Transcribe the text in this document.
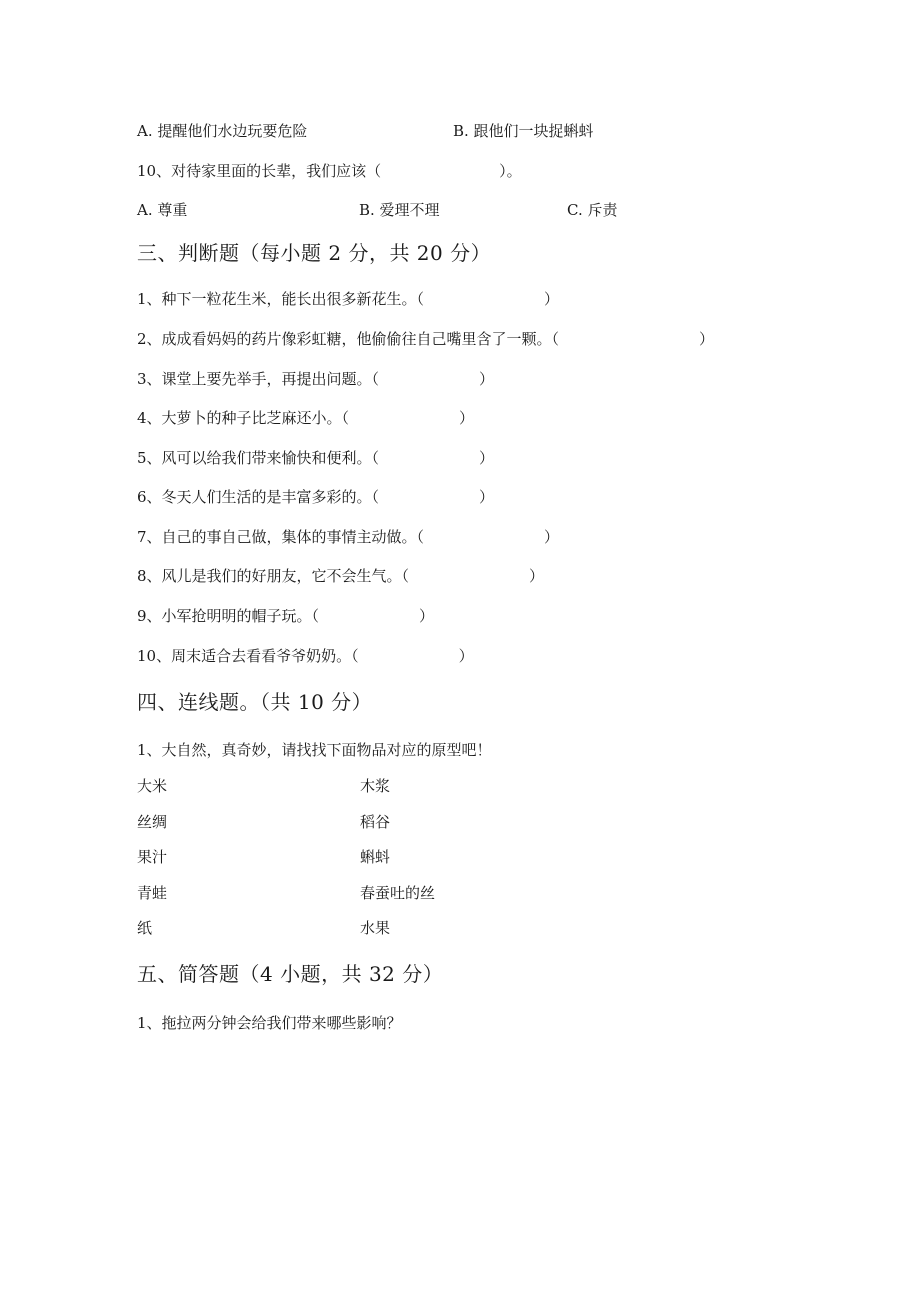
A. 提醒他们水边玩要危险	B. 跟他们一块捉蝌蚪
10、对待家里面的长辈，我们应该（	）。
A. 尊重	B. 爱理不理	C. 斥责
三、判断题（每小题 2 分，共 20 分）
1、种下一粒花生米，能长出很多新花生。（	）
2、成成看妈妈的药片像彩虹糖，他偷偷往自己嘴里含了一颗。（	）
3、课堂上要先举手，再提出问题。（	）
4、大萝卜的种子比芝麻还小。（	）
5、风可以给我们带来愉快和便利。（	）
6、冬天人们生活的是丰富多彩的。（	）
7、自己的事自己做，集体的事情主动做。（	）
8、风儿是我们的好朋友，它不会生气。（	）
9、小军抢明明的帽子玩。（	）
10、周末适合去看看爷爷奶奶。（	）
四、连线题。（共 10 分）
1、大自然，真奇妙，请找找下面物品对应的原型吧！
大米	木浆
丝绸	稻谷
果汁	蝌蚪
青蛙	春蚕吐的丝
纸	水果
五、简答题（4 小题，共 32 分）
1、拖拉两分钟会给我们带来哪些影响？
